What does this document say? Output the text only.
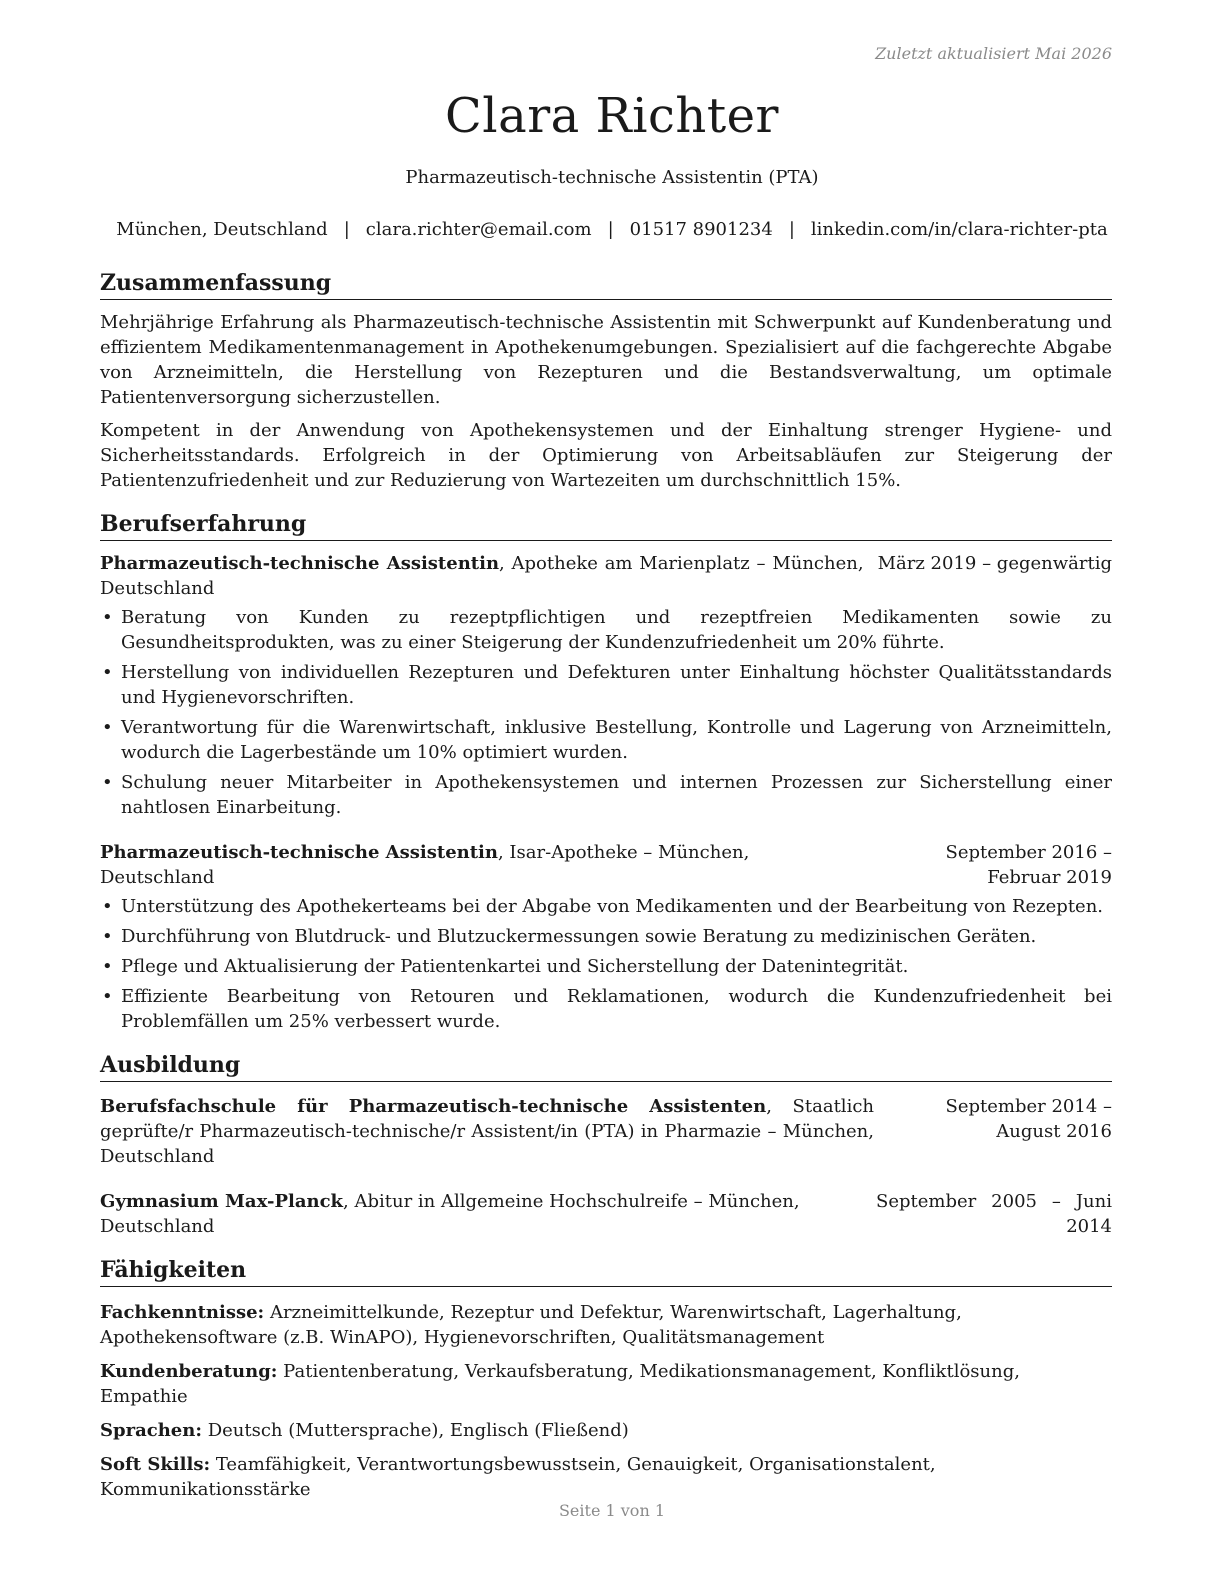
Zuletzt aktualisiert Mai 2026
Clara Richter
Pharmazeutisch-technische Assistentin (PTA)
München, Deutschland | clara.richter@email.com | 01517 8901234 | linkedin.com/in/clara-richter-pta
Zusammenfassung

Mehrjährige Erfahrung als Pharmazeutisch-technische Assistentin mit Schwerpunkt auf Kundenberatung und effizientem Medikamentenmanagement in Apothekenumgebungen. Spezialisiert auf die fachgerechte Abgabe von Arzneimitteln, die Herstellung von Rezepturen und die Bestandsverwaltung, um optimale Patientenversorgung sicherzustellen.

Kompetent in der Anwendung von Apothekensystemen und der Einhaltung strenger Hygiene- und Sicherheitsstandards. Erfolgreich in der Optimierung von Arbeitsabläufen zur Steigerung der Patientenzufriedenheit und zur Reduzierung von Wartezeiten um durchschnittlich 15%.

Berufserfahrung
Pharmazeutisch-technische Assistentin, Apotheke am Marienplatz – München, Deutschland
März 2019 – gegenwärtig
• Beratung von Kunden zu rezeptpflichtigen und rezeptfreien Medikamenten sowie zu Gesundheitsprodukten, was zu einer Steigerung der Kundenzufriedenheit um 20% führte.
• Herstellung von individuellen Rezepturen und Defekturen unter Einhaltung höchster Qualitätsstandards und Hygienevorschriften.
• Verantwortung für die Warenwirtschaft, inklusive Bestellung, Kontrolle und Lagerung von Arzneimitteln, wodurch die Lagerbestände um 10% optimiert wurden.
• Schulung neuer Mitarbeiter in Apothekensystemen und internen Prozessen zur Sicherstellung einer nahtlosen Einarbeitung.
Pharmazeutisch-technische Assistentin, Isar-Apotheke – München, Deutschland
September 2016 – Februar 2019
• Unterstützung des Apothekerteams bei der Abgabe von Medikamenten und der Bearbeitung von Rezepten.
• Durchführung von Blutdruck- und Blutzuckermessungen sowie Beratung zu medizinischen Geräten.
• Pflege und Aktualisierung der Patientenkartei und Sicherstellung der Datenintegrität.
• Effiziente Bearbeitung von Retouren und Reklamationen, wodurch die Kundenzufriedenheit bei Problemfällen um 25% verbessert wurde.
Ausbildung
Berufsfachschule für Pharmazeutisch-technische Assistenten, Staatlich geprüfte/r Pharmazeutisch-technische/r Assistent/in (PTA) in Pharmazie – München, Deutschland
September 2014 – August 2016
Gymnasium Max-Planck, Abitur in Allgemeine Hochschulreife – München, Deutschland
September 2005 – Juni 2014
Fähigkeiten

Fachkenntnisse: Arzneimittelkunde, Rezeptur und Defektur, Warenwirtschaft, Lagerhaltung, Apothekensoftware (z.B. WinAPO), Hygienevorschriften, Qualitätsmanagement

Kundenberatung: Patientenberatung, Verkaufsberatung, Medikationsmanagement, Konfliktlösung, Empathie

Sprachen: Deutsch (Muttersprache), Englisch (Fließend)

Soft Skills: Teamfähigkeit, Verantwortungsbewusstsein, Genauigkeit, Organisationstalent, Kommunikationsstärke

Seite 1 von 1
